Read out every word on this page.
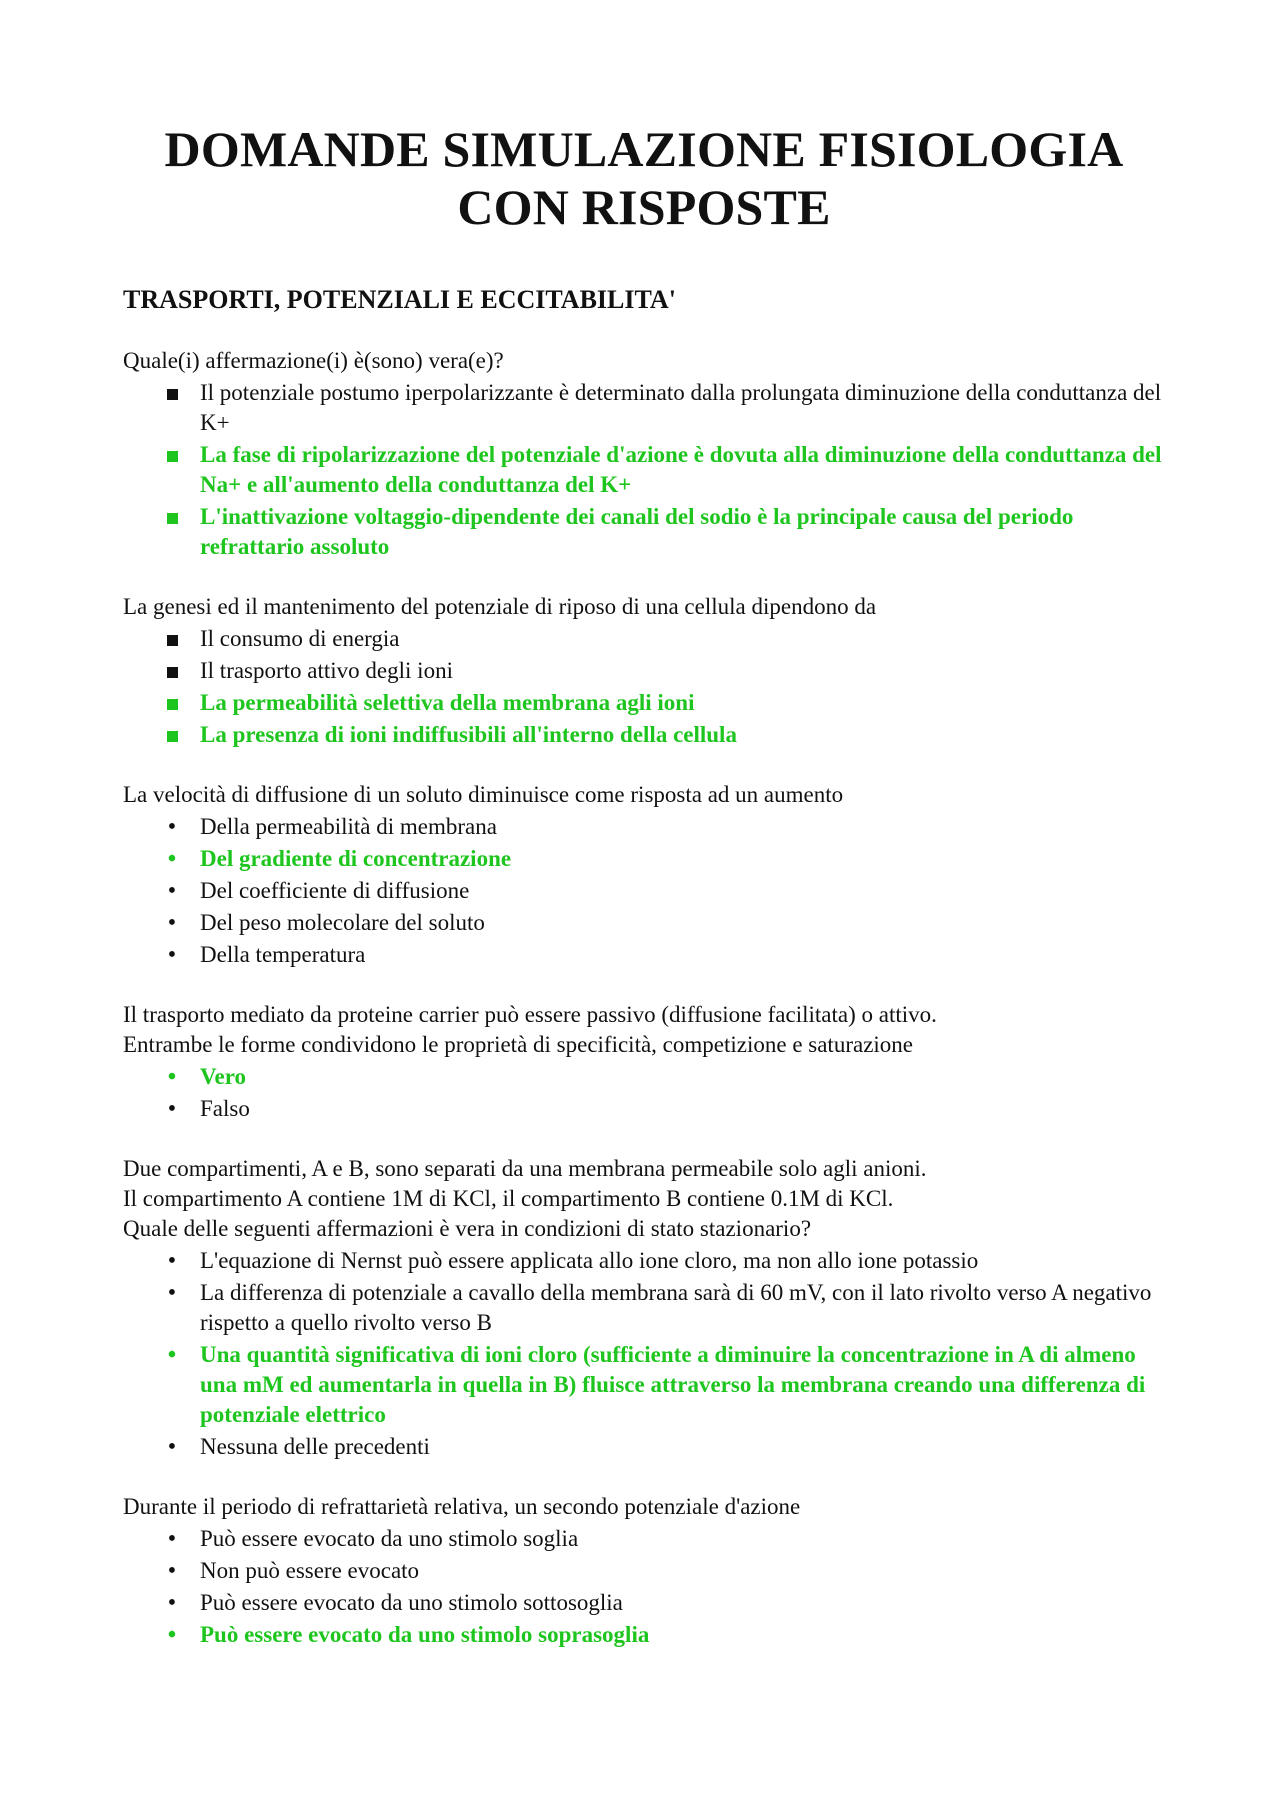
DOMANDE SIMULAZIONE FISIOLOGIA CON RISPOSTE
TRASPORTI, POTENZIALI E ECCITABILITA'

Quale(i) affermazione(i) è(sono) vera(e)?

Il potenziale postumo iperpolarizzante è determinato dalla prolungata diminuzione della conduttanza del K+
La fase di ripolarizzazione del potenziale d'azione è dovuta alla diminuzione della conduttanza del Na+ e all'aumento della conduttanza del K+
L'inattivazione voltaggio-dipendente dei canali del sodio è la principale causa del periodo refrattario assoluto

La genesi ed il mantenimento del potenziale di riposo di una cellula dipendono da

Il consumo di energia
Il trasporto attivo degli ioni
La permeabilità selettiva della membrana agli ioni
La presenza di ioni indiffusibili all'interno della cellula

La velocità di diffusione di un soluto diminuisce come risposta ad un aumento

•
Della permeabilità di membrana
•
Del gradiente di concentrazione
•
Del coefficiente di diffusione
•
Del peso molecolare del soluto
•
Della temperatura

Il trasporto mediato da proteine carrier può essere passivo (diffusione facilitata) o attivo.

Entrambe le forme condividono le proprietà di specificità, competizione e saturazione

•
Vero
•
Falso

Due compartimenti, A e B, sono separati da una membrana permeabile solo agli anioni.

Il compartimento A contiene 1M di KCl, il compartimento B contiene 0.1M di KCl.

Quale delle seguenti affermazioni è vera in condizioni di stato stazionario?

•
L'equazione di Nernst può essere applicata allo ione cloro, ma non allo ione potassio
•
La differenza di potenziale a cavallo della membrana sarà di 60 mV, con il lato rivolto verso A negativo rispetto a quello rivolto verso B
•
Una quantità significativa di ioni cloro (sufficiente a diminuire la concentrazione in A di almeno una mM ed aumentarla in quella in B) fluisce attraverso la membrana creando una differenza di potenziale elettrico
•
Nessuna delle precedenti

Durante il periodo di refrattarietà relativa, un secondo potenziale d'azione

•
Può essere evocato da uno stimolo soglia
•
Non può essere evocato
•
Può essere evocato da uno stimolo sottosoglia
•
Può essere evocato da uno stimolo soprasoglia
